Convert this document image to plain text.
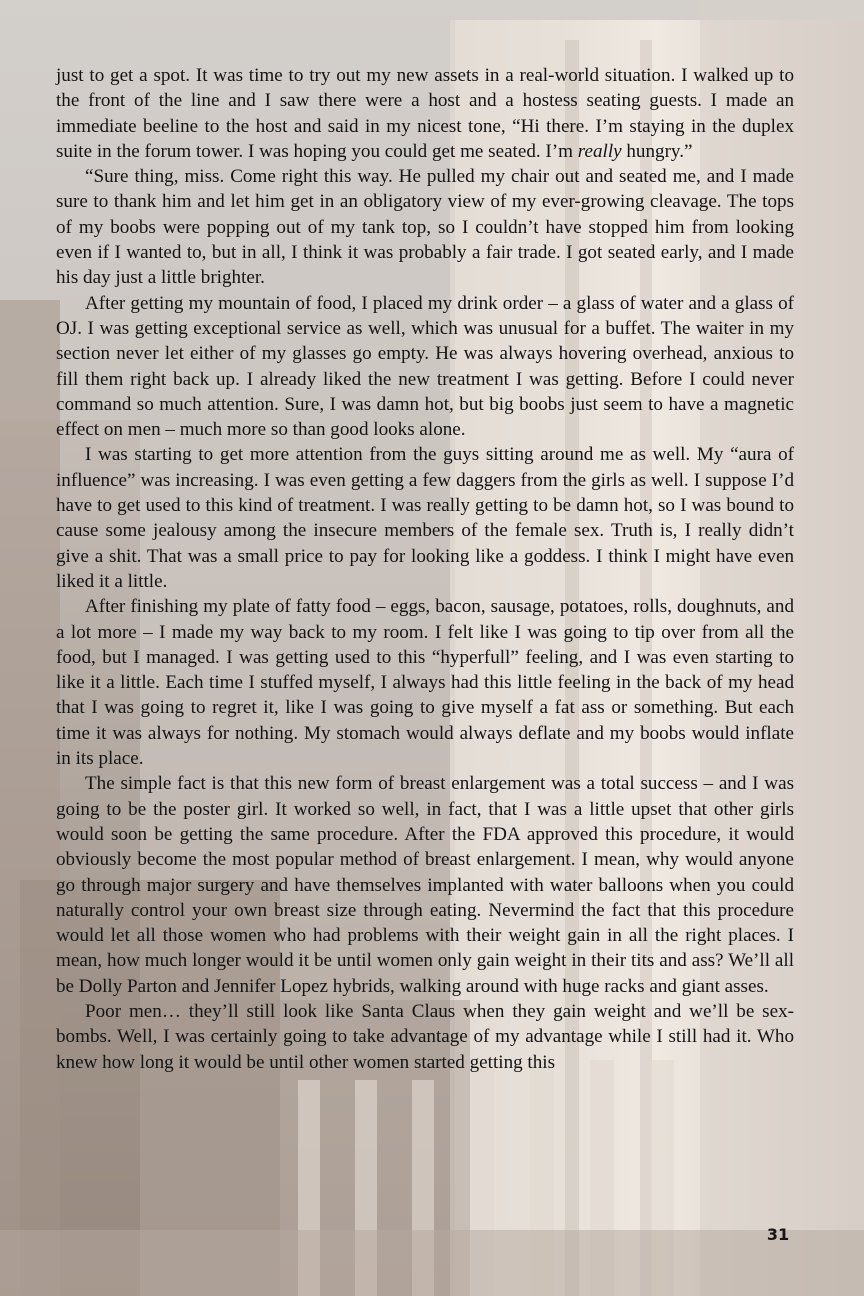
just to get a spot. It was time to try out my new assets in a real-world situation. I walked up to the front of the line and I saw there were a host and a hostess seating guests. I made an immediate beeline to the host and said in my nicest tone, “Hi there. I’m staying in the duplex suite in the forum tower. I was hoping you could get me seated. I’m really hungry.”

“Sure thing, miss. Come right this way. He pulled my chair out and seated me, and I made sure to thank him and let him get in an obligatory view of my ever-growing cleavage. The tops of my boobs were popping out of my tank top, so I couldn’t have stopped him from looking even if I wanted to, but in all, I think it was probably a fair trade. I got seated early, and I made his day just a little brighter.

After getting my mountain of food, I placed my drink order – a glass of water and a glass of OJ. I was getting exceptional service as well, which was unusual for a buffet. The waiter in my section never let either of my glasses go empty. He was always hovering overhead, anxious to fill them right back up. I already liked the new treatment I was getting. Before I could never command so much attention. Sure, I was damn hot, but big boobs just seem to have a magnetic effect on men – much more so than good looks alone.

I was starting to get more attention from the guys sitting around me as well. My “aura of influence” was increasing. I was even getting a few daggers from the girls as well. I suppose I’d have to get used to this kind of treatment. I was really getting to be damn hot, so I was bound to cause some jealousy among the insecure members of the female sex. Truth is, I really didn’t give a shit. That was a small price to pay for looking like a goddess. I think I might have even liked it a little.

After finishing my plate of fatty food – eggs, bacon, sausage, potatoes, rolls, doughnuts, and a lot more – I made my way back to my room. I felt like I was going to tip over from all the food, but I managed. I was getting used to this “hyperfull” feeling, and I was even starting to like it a little. Each time I stuffed myself, I always had this little feeling in the back of my head that I was going to regret it, like I was going to give myself a fat ass or something. But each time it was always for nothing. My stomach would always deflate and my boobs would inflate in its place.

The simple fact is that this new form of breast enlargement was a total success – and I was going to be the poster girl. It worked so well, in fact, that I was a little upset that other girls would soon be getting the same procedure. After the FDA approved this procedure, it would obviously become the most popular method of breast enlargement. I mean, why would anyone go through major surgery and have themselves implanted with water balloons when you could naturally control your own breast size through eating. Nevermind the fact that this procedure would let all those women who had problems with their weight gain in all the right places. I mean, how much longer would it be until women only gain weight in their tits and ass? We’ll all be Dolly Parton and Jennifer Lopez hybrids, walking around with huge racks and giant asses.

Poor men… they’ll still look like Santa Claus when they gain weight and we’ll be sex-bombs. Well, I was certainly going to take advantage of my advantage while I still had it. Who knew how long it would be until other women started getting this

31
